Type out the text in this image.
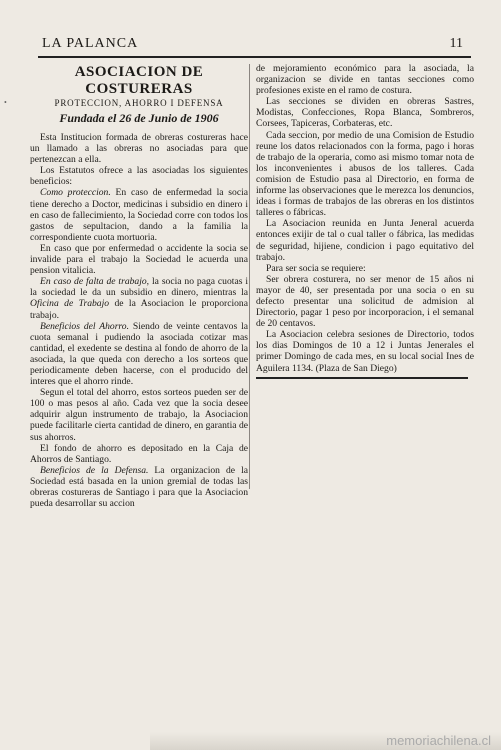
LA PALANCA	11
•
ASOCIACION DE COSTURERAS
PROTECCION, AHORRO I DEFENSA
Fundada el 26 de Junio de 1906

Esta Institucion formada de obreras costureras hace un llamado a las obreras no asociadas para que pertenezcan a ella.

Los Estatutos ofrece a las asociadas los siguientes beneficios:

Como proteccion. En caso de enfermedad la socia tiene derecho a Doctor, medicinas i subsidio en dinero i en caso de fallecimiento, la Sociedad corre con todos los gastos de sepultacion, dando a la familia la correspondiente cuota mortuoria.

En caso que por enfermedad o accidente la socia se invalide para el trabajo la Sociedad le acuerda una pension vitalicia.

En caso de falta de trabajo, la socia no paga cuotas i la sociedad le da un subsidio en dinero, mientras la Oficina de Trabajo de la Asociacion le proporciona trabajo.

Beneficios del Ahorro. Siendo de veinte centavos la cuota semanal i pudiendo la asociada cotizar mas cantidad, el exedente se destina al fondo de ahorro de la asociada, la que queda con derecho a los sorteos que periodicamente deben hacerse, con el producido del interes que el ahorro rinde.

Segun el total del ahorro, estos sorteos pueden ser de 100 o mas pesos al año. Cada vez que la socia desee adquirir algun instrumento de trabajo, la Asociacion puede facilitarle cierta cantidad de dinero, en garantia de sus ahorros.

El fondo de ahorro es depositado en la Caja de Ahorros de Santiago.

Beneficios de la Defensa. La organizacion de la Sociedad está basada en la union gremial de todas las obreras costureras de Santiago i para que la Asociacion pueda desarrollar su accion

de mejoramiento económico para la asociada, la organizacion se divide en tantas secciones como profesiones existe en el ramo de costura.

Las secciones se dividen en obreras Sastres, Modistas, Confecciones, Ropa Blanca, Sombreros, Corsees, Tapiceras, Corbateras, etc.

Cada seccion, por medio de una Comision de Estudio reune los datos relacionados con la forma, pago i horas de trabajo de la operaria, como asi mismo tomar nota de los inconvenientes i abusos de los talleres. Cada comision de Estudio pasa al Directorio, en forma de informe las observaciones que le merezca los denuncios, ideas i formas de trabajos de las obreras en los distintos talleres o fábricas.

La Asociacion reunida en Junta Jeneral acuerda entonces exijir de tal o cual taller o fábrica, las medidas de seguridad, hijiene, condicion i pago equitativo del trabajo.

Para ser socia se requiere:

Ser obrera costurera, no ser menor de 15 años ni mayor de 40, ser presentada por una socia o en su defecto presentar una solicitud de admision al Directorio, pagar 1 peso por incorporacion, i el semanal de 20 centavos.

La Asociacion celebra sesiones de Directorio, todos los dias Domingos de 10 a 12 i Juntas Jenerales el primer Domingo de cada mes, en su local social Ines de Aguilera 1134. (Plaza de San Diego)

memoriachilena.cl
